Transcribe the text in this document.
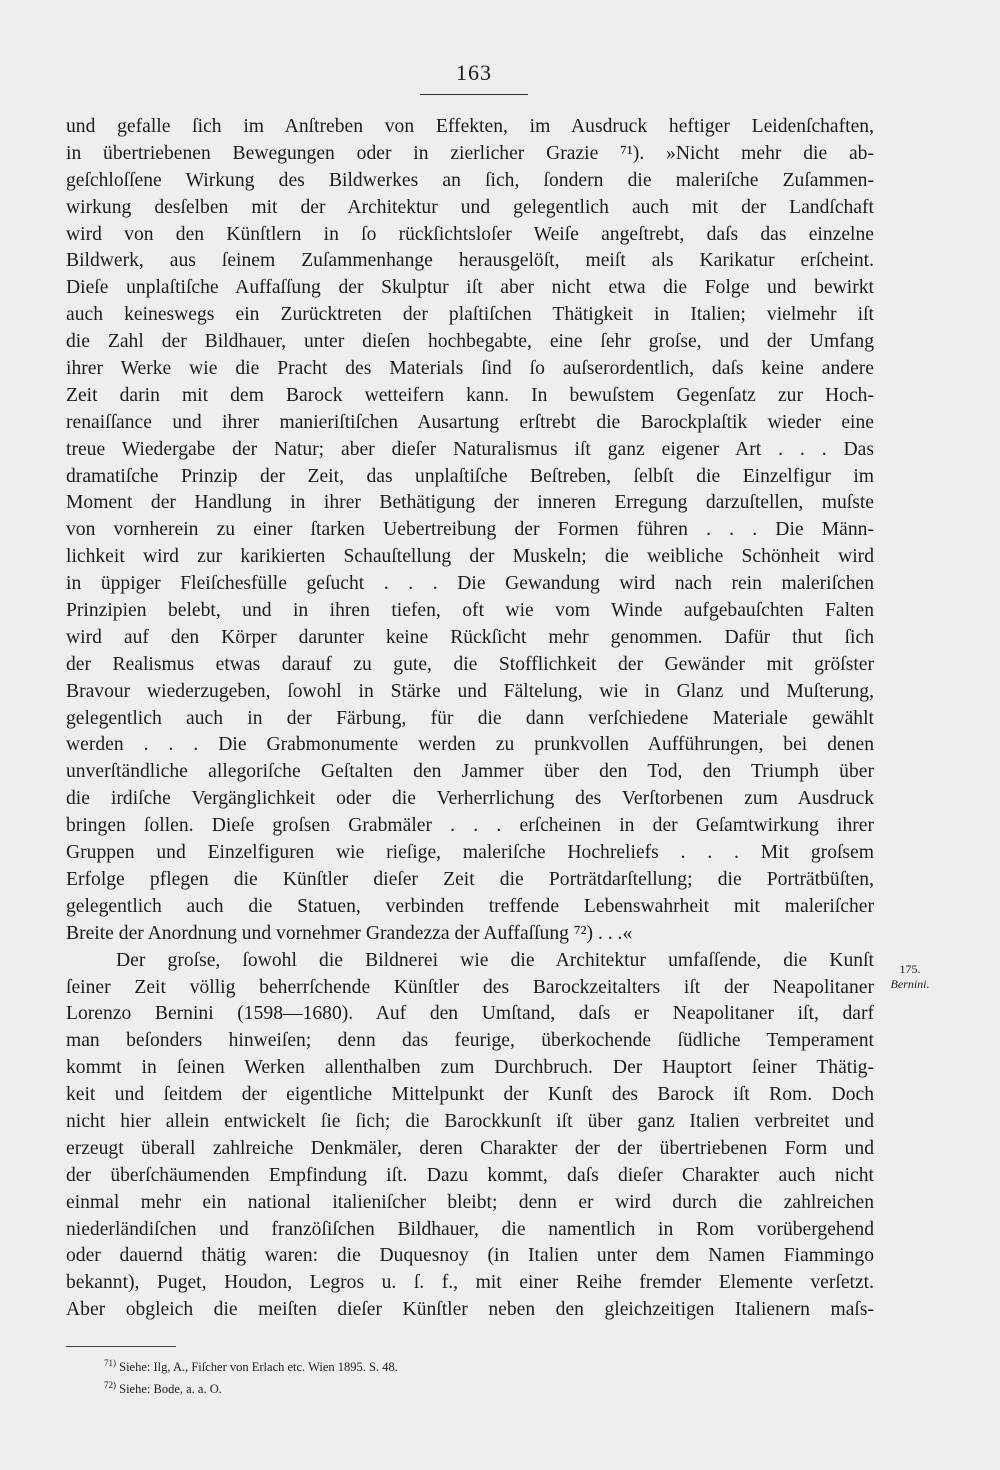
163
und gefalle ſich im Anſtreben von Effekten, im Ausdruck heftiger Leidenſchaften,
in übertriebenen Bewegungen oder in zierlicher Grazie ⁷¹). »Nicht mehr die ab-
geſchloſſene Wirkung des Bildwerkes an ſich, ſondern die maleriſche Zuſammen-
wirkung desſelben mit der Architektur und gelegentlich auch mit der Landſchaft
wird von den Künſtlern in ſo rückſichtsloſer Weiſe angeſtrebt, daſs das einzelne
Bildwerk, aus ſeinem Zuſammenhange herausgelöſt, meiſt als Karikatur erſcheint.
Dieſe unplaſtiſche Auffaſſung der Skulptur iſt aber nicht etwa die Folge und bewirkt
auch keineswegs ein Zurücktreten der plaſtiſchen Thätigkeit in Italien; vielmehr iſt
die Zahl der Bildhauer, unter dieſen hochbegabte, eine ſehr groſse, und der Umfang
ihrer Werke wie die Pracht des Materials ſind ſo auſserordentlich, daſs keine andere
Zeit darin mit dem Barock wetteifern kann. In bewuſstem Gegenſatz zur Hoch-
renaiſſance und ihrer manieriſtiſchen Ausartung erſtrebt die Barockplaſtik wieder eine
treue Wiedergabe der Natur; aber dieſer Naturalismus iſt ganz eigener Art . . . Das
dramatiſche Prinzip der Zeit, das unplaſtiſche Beſtreben, ſelbſt die Einzelfigur im
Moment der Handlung in ihrer Bethätigung der inneren Erregung darzuſtellen, muſste
von vornherein zu einer ſtarken Uebertreibung der Formen führen . . . Die Männ-
lichkeit wird zur karikierten Schauſtellung der Muskeln; die weibliche Schönheit wird
in üppiger Fleiſchesfülle geſucht . . . Die Gewandung wird nach rein maleriſchen
Prinzipien belebt, und in ihren tiefen, oft wie vom Winde aufgebauſchten Falten
wird auf den Körper darunter keine Rückſicht mehr genommen. Dafür thut ſich
der Realismus etwas darauf zu gute, die Stofflichkeit der Gewänder mit gröſster
Bravour wiederzugeben, ſowohl in Stärke und Fältelung, wie in Glanz und Muſterung,
gelegentlich auch in der Färbung, für die dann verſchiedene Materiale gewählt
werden . . . Die Grabmonumente werden zu prunkvollen Aufführungen, bei denen
unverſtändliche allegoriſche Geſtalten den Jammer über den Tod, den Triumph über
die irdiſche Vergänglichkeit oder die Verherrlichung des Verſtorbenen zum Ausdruck
bringen ſollen. Dieſe groſsen Grabmäler . . . erſcheinen in der Geſamtwirkung ihrer
Gruppen und Einzelfiguren wie rieſige, maleriſche Hochreliefs . . . Mit groſsem
Erfolge pflegen die Künſtler dieſer Zeit die Porträtdarſtellung; die Porträtbüſten,
gelegentlich auch die Statuen, verbinden treffende Lebenswahrheit mit maleriſcher
Breite der Anordnung und vornehmer Grandezza der Auffaſſung ⁷²) . . .«
Der groſse, ſowohl die Bildnerei wie die Architektur umfaſſende, die Kunſt
ſeiner Zeit völlig beherrſchende Künſtler des Barockzeitalters iſt der Neapolitaner
Lorenzo Bernini (1598—1680). Auf den Umſtand, daſs er Neapolitaner iſt, darf
man beſonders hinweiſen; denn das feurige, überkochende ſüdliche Temperament
kommt in ſeinen Werken allenthalben zum Durchbruch. Der Hauptort ſeiner Thätig-
keit und ſeitdem der eigentliche Mittelpunkt der Kunſt des Barock iſt Rom. Doch
nicht hier allein entwickelt ſie ſich; die Barockkunſt iſt über ganz Italien verbreitet und
erzeugt überall zahlreiche Denkmäler, deren Charakter der der übertriebenen Form und
der überſchäumenden Empfindung iſt. Dazu kommt, daſs dieſer Charakter auch nicht
einmal mehr ein national italieniſcher bleibt; denn er wird durch die zahlreichen
niederländiſchen und franzöſiſchen Bildhauer, die namentlich in Rom vorübergehend
oder dauernd thätig waren: die Duquesnoy (in Italien unter dem Namen Fiammingo
bekannt), Puget, Houdon, Legros u. ſ. f., mit einer Reihe fremder Elemente verſetzt.
Aber obgleich die meiſten dieſer Künſtler neben den gleichzeitigen Italienern maſs-
175.
Bernini.
$^{71)}$ Siehe: Ilg, A., Fiſcher von Erlach etc. Wien 1895. S. 48.
$^{72)}$ Siehe: Bode, a. a. O.
